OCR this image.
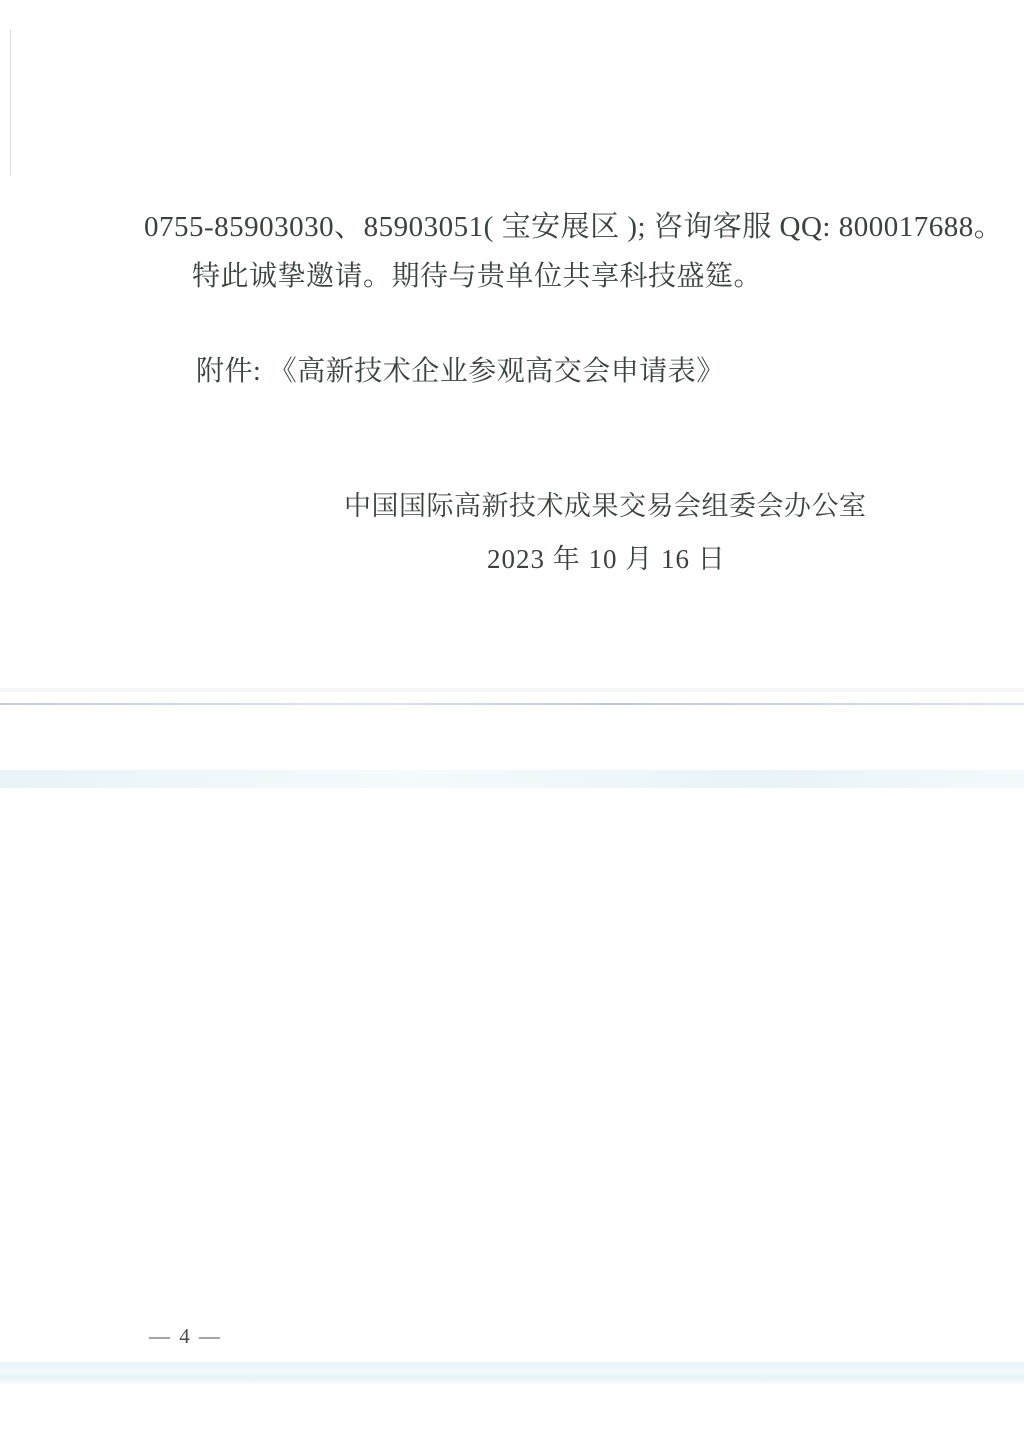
0755-85903030、85903051( 宝安展区 ); 咨询客服 QQ: 800017688。
特此诚挚邀请。期待与贵单位共享科技盛筵。
附件: 《高新技术企业参观高交会申请表》
中国国际高新技术成果交易会组委会办公室
2023 年 10 月 16 日
— 4 —
